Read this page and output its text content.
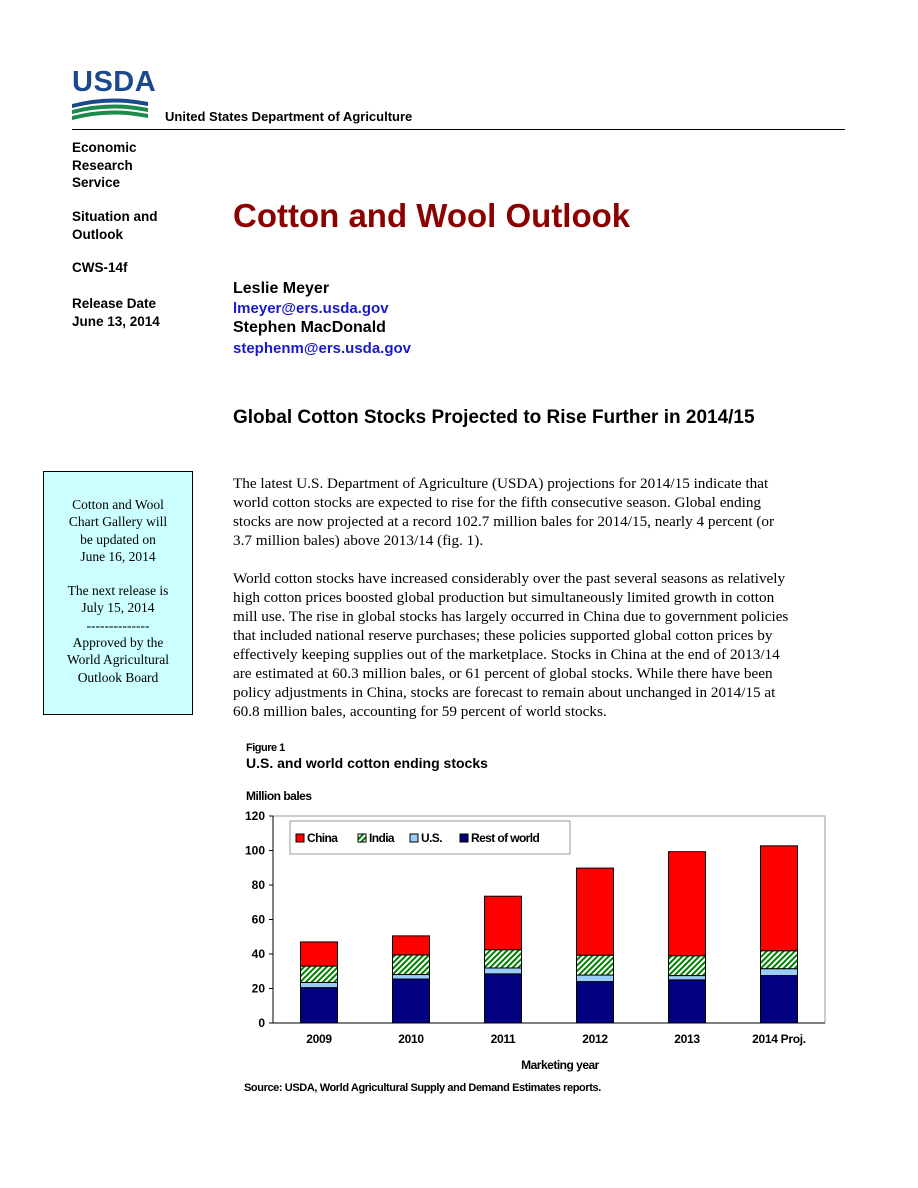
USDA
United States Department of Agriculture
Economic
Research
Service
Situation and
Outlook
CWS-14f
Release Date
June 13, 2014
Cotton and Wool Outlook
Leslie Meyer
lmeyer@ers.usda.gov
Stephen MacDonald
stephenm@ers.usda.gov
Global Cotton Stocks Projected to Rise Further in 2014/15

Cotton and Wool

Chart Gallery will

be updated on

June 16, 2014

The next release is

July 15, 2014

--------------

Approved by the

World Agricultural

Outlook Board

The latest U.S. Department of Agriculture (USDA) projections for 2014/15 indicate that

world cotton stocks are expected to rise for the fifth consecutive season. Global ending

stocks are now projected at a record 102.7 million bales for 2014/15, nearly 4 percent (or

3.7 million bales) above 2013/14 (fig. 1).

World cotton stocks have increased considerably over the past several seasons as relatively

high cotton prices boosted global production but simultaneously limited growth in cotton

mill use. The rise in global stocks has largely occurred in China due to government policies

that included national reserve purchases; these policies supported global cotton prices by

effectively keeping supplies out of the marketplace. Stocks in China at the end of 2013/14

are estimated at 60.3 million bales, or 61 percent of global stocks. While there have been

policy adjustments in China, stocks are forecast to remain about unchanged in 2014/15 at

60.8 million bales, accounting for 59 percent of world stocks.

Figure 1
U.S. and world cotton ending stocks
Million bales
0
20
40
60
80
100
120
2009	2010	2011	2012	2013	2014 Proj.
China	India U.S. Rest of world
Marketing year
Source: USDA, World Agricultural Supply and Demand Estimates reports.
